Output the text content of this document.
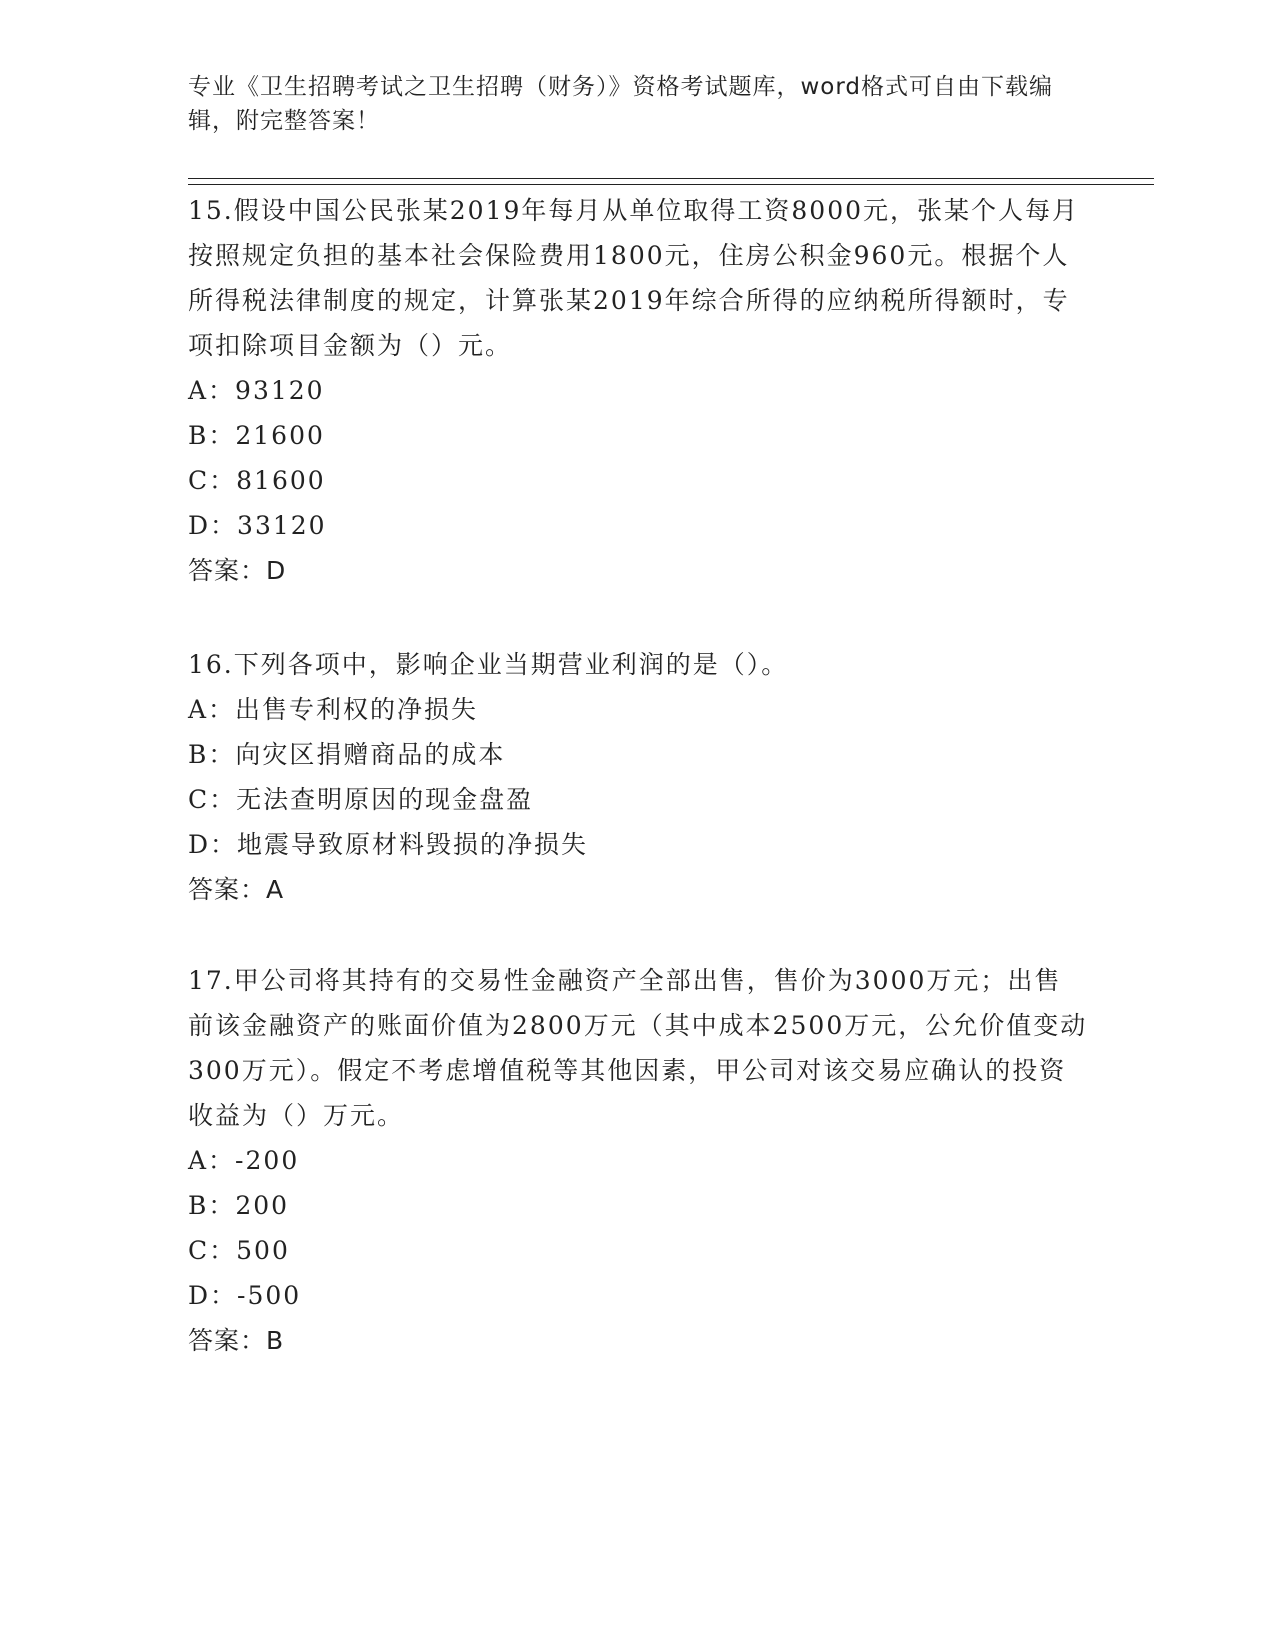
专业《卫生招聘考试之卫生招聘（财务）》资格考试题库，word格式可自由下载编辑，附完整答案！

15.假设中国公民张某2019年每月从单位取得工资8000元，张某个人每月按照规定负担的基本社会保险费用1800元，住房公积金960元。根据个人所得税法律制度的规定，计算张某2019年综合所得的应纳税所得额时，专项扣除项目金额为（）元。

A：93120

B：21600

C：81600

D：33120

答案：D

16.下列各项中，影响企业当期营业利润的是（）。

A：出售专利权的净损失

B：向灾区捐赠商品的成本

C：无法查明原因的现金盘盈

D：地震导致原材料毁损的净损失

答案：A

17.甲公司将其持有的交易性金融资产全部出售，售价为3000万元；出售前该金融资产的账面价值为2800万元（其中成本2500万元，公允价值变动300万元）。假定不考虑增值税等其他因素，甲公司对该交易应确认的投资收益为（）万元。

A：-200

B：200

C：500

D：-500

答案：B
